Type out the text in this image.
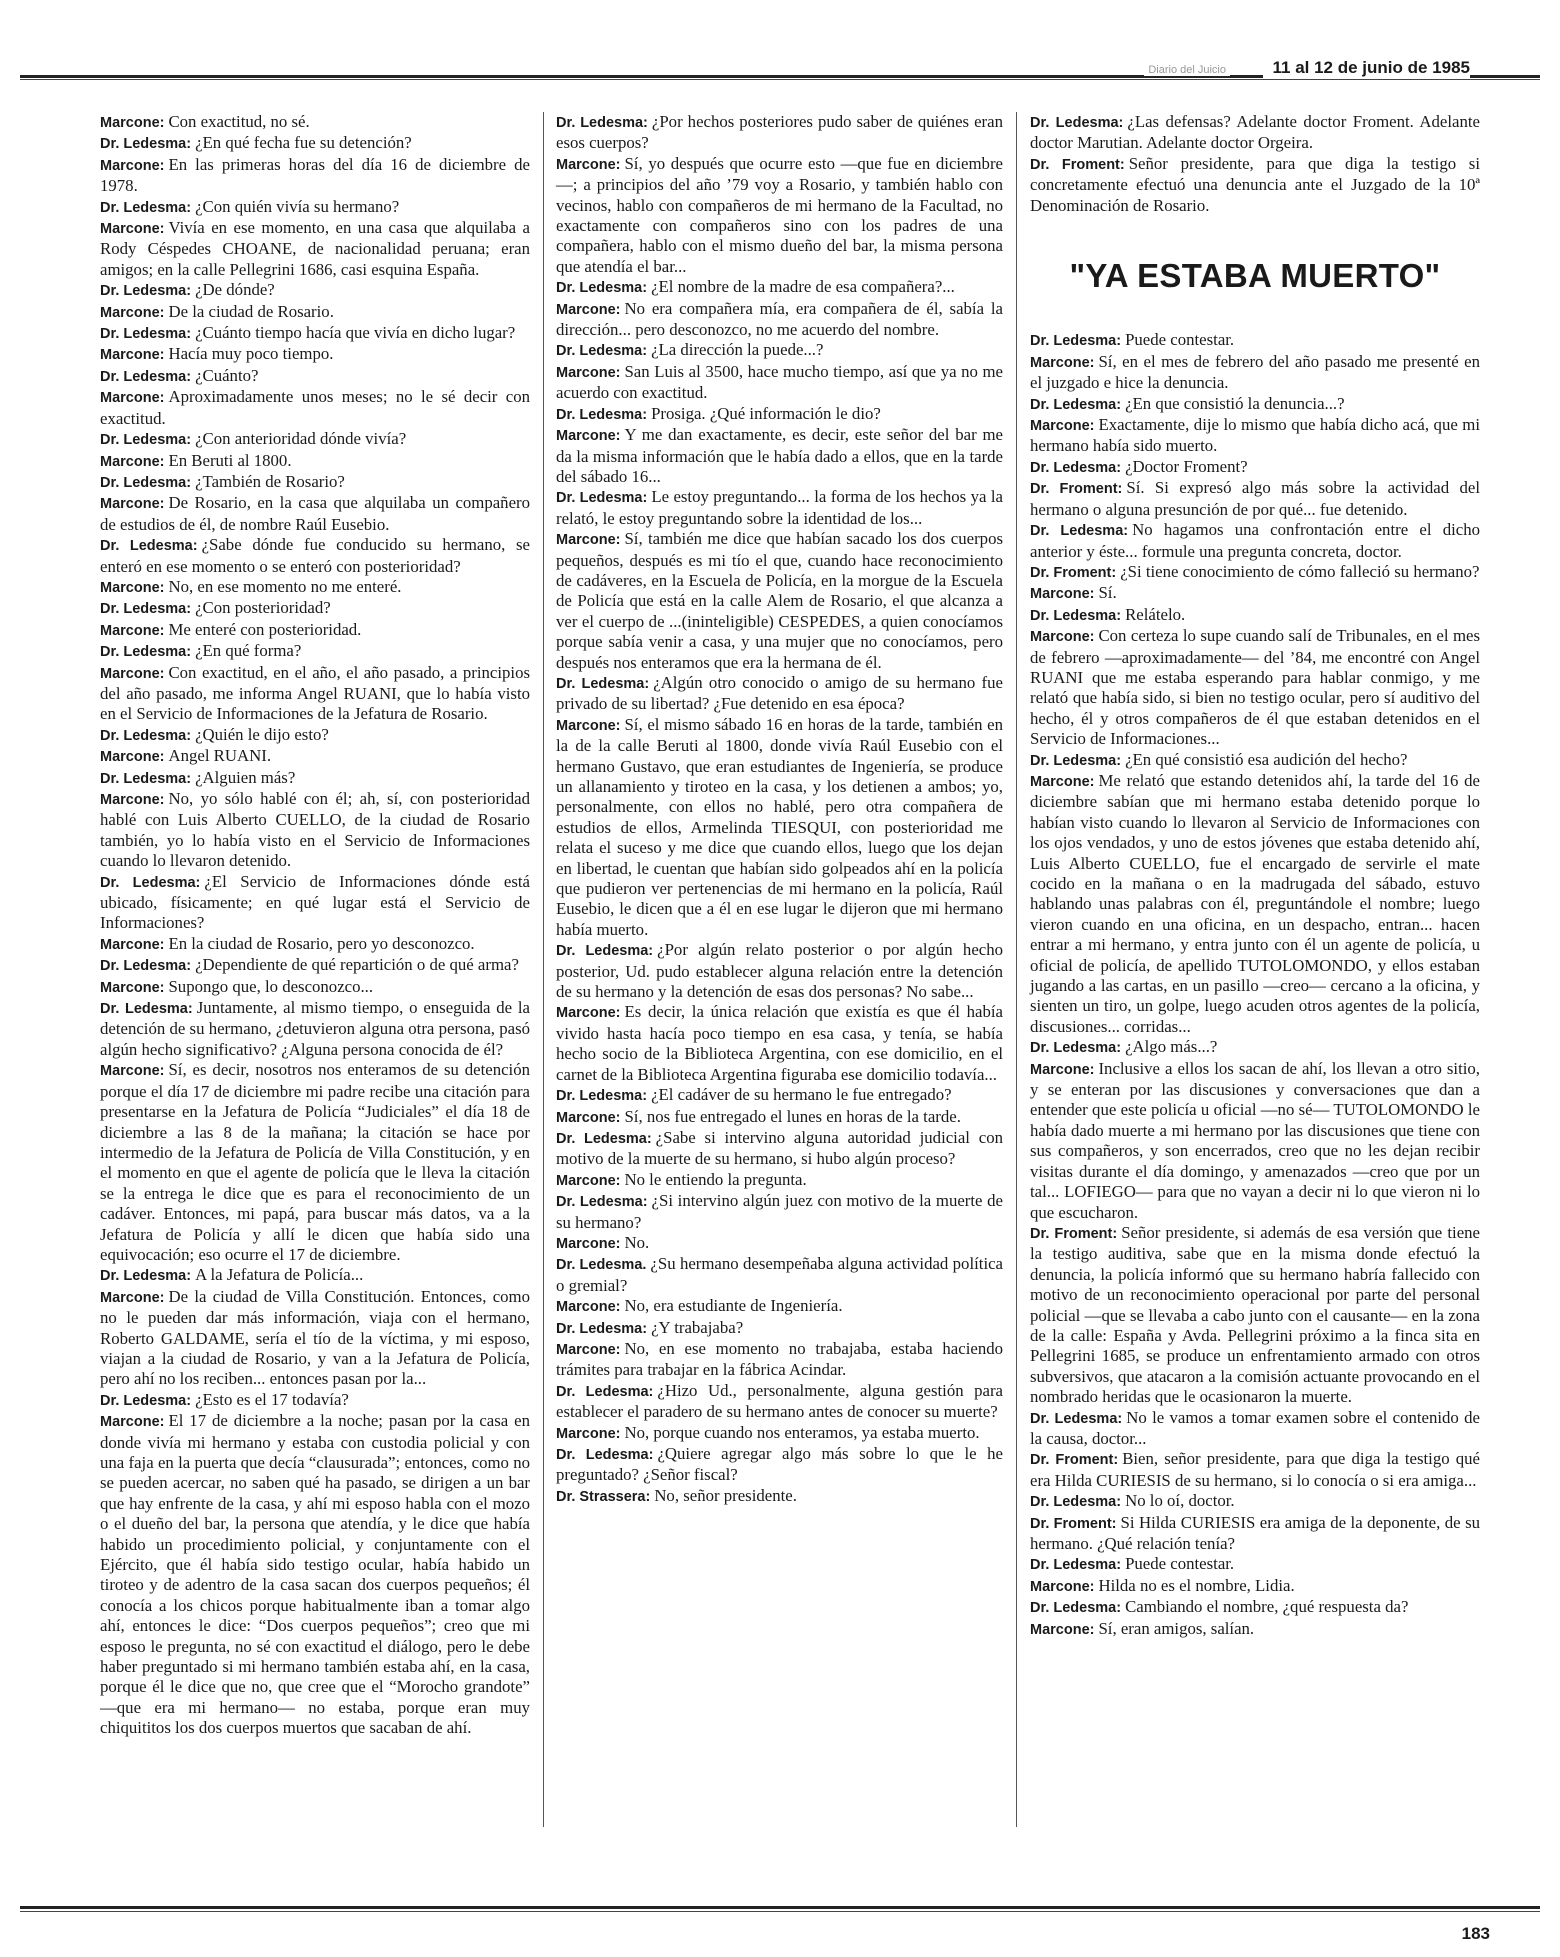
Diario del Juicio	11 al 12 de junio de 1985

Marcone: Con exactitud, no sé.

Dr. Ledesma: ¿En qué fecha fue su detención?

Marcone: En las primeras horas del día 16 de diciembre de 1978.

Dr. Ledesma: ¿Con quién vivía su hermano?

Marcone: Vivía en ese momento, en una casa que alquilaba a Rody Céspedes CHOANE, de nacionalidad peruana; eran amigos; en la calle Pellegrini 1686, casi esquina España.

Dr. Ledesma: ¿De dónde?

Marcone: De la ciudad de Rosario.

Dr. Ledesma: ¿Cuánto tiempo hacía que vivía en dicho lugar?

Marcone: Hacía muy poco tiempo.

Dr. Ledesma: ¿Cuánto?

Marcone: Aproximadamente unos meses; no le sé decir con exactitud.

Dr. Ledesma: ¿Con anterioridad dónde vivía?

Marcone: En Beruti al 1800.

Dr. Ledesma: ¿También de Rosario?

Marcone: De Rosario, en la casa que alquilaba un compañero de estudios de él, de nombre Raúl Eusebio.

Dr. Ledesma: ¿Sabe dónde fue conducido su hermano, se enteró en ese momento o se enteró con posterioridad?

Marcone: No, en ese momento no me enteré.

Dr. Ledesma: ¿Con posterioridad?

Marcone: Me enteré con posterioridad.

Dr. Ledesma: ¿En qué forma?

Marcone: Con exactitud, en el año, el año pasado, a principios del año pasado, me informa Angel RUANI, que lo había visto en el Servicio de Informaciones de la Jefatura de Rosario.

Dr. Ledesma: ¿Quién le dijo esto?

Marcone: Angel RUANI.

Dr. Ledesma: ¿Alguien más?

Marcone: No, yo sólo hablé con él; ah, sí, con posterioridad hablé con Luis Alberto CUELLO, de la ciudad de Rosario también, yo lo había visto en el Servicio de Informaciones cuando lo llevaron detenido.

Dr. Ledesma: ¿El Servicio de Informaciones dónde está ubicado, físicamente; en qué lugar está el Servicio de Informaciones?

Marcone: En la ciudad de Rosario, pero yo desconozco.

Dr. Ledesma: ¿Dependiente de qué repartición o de qué arma?

Marcone: Supongo que, lo desconozco...

Dr. Ledesma: Juntamente, al mismo tiempo, o enseguida de la detención de su hermano, ¿detuvieron alguna otra persona, pasó algún hecho significativo? ¿Alguna persona conocida de él?

Marcone: Sí, es decir, nosotros nos enteramos de su detención porque el día 17 de diciembre mi padre recibe una citación para presentarse en la Jefatura de Policía “Judiciales” el día 18 de diciembre a las 8 de la mañana; la citación se hace por intermedio de la Jefatura de Policía de Villa Constitución, y en el momento en que el agente de policía que le lleva la citación se la entrega le dice que es para el reconocimiento de un cadáver. Entonces, mi papá, para buscar más datos, va a la Jefatura de Policía y allí le dicen que había sido una equivocación; eso ocurre el 17 de diciembre.

Dr. Ledesma: A la Jefatura de Policía...

Marcone: De la ciudad de Villa Constitución. Entonces, como no le pueden dar más información, viaja con el hermano, Roberto GALDAME, sería el tío de la víctima, y mi esposo, viajan a la ciudad de Rosario, y van a la Jefatura de Policía, pero ahí no los reciben... entonces pasan por la...

Dr. Ledesma: ¿Esto es el 17 todavía?

Marcone: El 17 de diciembre a la noche; pasan por la casa en donde vivía mi hermano y estaba con custodia policial y con una faja en la puerta que decía “clausurada”; entonces, como no se pueden acercar, no saben qué ha pasado, se dirigen a un bar que hay enfrente de la casa, y ahí mi esposo habla con el mozo o el dueño del bar, la persona que atendía, y le dice que había habido un procedimiento policial, y conjuntamente con el Ejército, que él había sido testigo ocular, había habido un tiroteo y de adentro de la casa sacan dos cuerpos pequeños; él conocía a los chicos porque habitualmente iban a tomar algo ahí, entonces le dice: “Dos cuerpos pequeños”; creo que mi esposo le pregunta, no sé con exactitud el diálogo, pero le debe haber preguntado si mi hermano también estaba ahí, en la casa, porque él le dice que no, que cree que el “Morocho grandote” —que era mi hermano— no estaba, porque eran muy chiquititos los dos cuerpos muertos que sacaban de ahí.

Dr. Ledesma: ¿Por hechos posteriores pudo saber de quiénes eran esos cuerpos?

Marcone: Sí, yo después que ocurre esto —que fue en diciembre—; a principios del año ’79 voy a Rosario, y también hablo con vecinos, hablo con compañeros de mi hermano de la Facultad, no exactamente con compañeros sino con los padres de una compañera, hablo con el mismo dueño del bar, la misma persona que atendía el bar...

Dr. Ledesma: ¿El nombre de la madre de esa compañera?...

Marcone: No era compañera mía, era compañera de él, sabía la dirección... pero desconozco, no me acuerdo del nombre.

Dr. Ledesma: ¿La dirección la puede...?

Marcone: San Luis al 3500, hace mucho tiempo, así que ya no me acuerdo con exactitud.

Dr. Ledesma: Prosiga. ¿Qué información le dio?

Marcone: Y me dan exactamente, es decir, este señor del bar me da la misma información que le había dado a ellos, que en la tarde del sábado 16...

Dr. Ledesma: Le estoy preguntando... la forma de los hechos ya la relató, le estoy preguntando sobre la identidad de los...

Marcone: Sí, también me dice que habían sacado los dos cuerpos pequeños, después es mi tío el que, cuando hace reconocimiento de cadáveres, en la Escuela de Policía, en la morgue de la Escuela de Policía que está en la calle Alem de Rosario, el que alcanza a ver el cuerpo de ...(ininteligible) CESPEDES, a quien conocíamos porque sabía venir a casa, y una mujer que no conocíamos, pero después nos enteramos que era la hermana de él.

Dr. Ledesma: ¿Algún otro conocido o amigo de su hermano fue privado de su libertad? ¿Fue detenido en esa época?

Marcone: Sí, el mismo sábado 16 en horas de la tarde, también en la de la calle Beruti al 1800, donde vivía Raúl Eusebio con el hermano Gustavo, que eran estudiantes de Ingeniería, se produce un allanamiento y tiroteo en la casa, y los detienen a ambos; yo, personalmente, con ellos no hablé, pero otra compañera de estudios de ellos, Armelinda TIESQUI, con posterioridad me relata el suceso y me dice que cuando ellos, luego que los dejan en libertad, le cuentan que habían sido golpeados ahí en la policía que pudieron ver pertenencias de mi hermano en la policía, Raúl Eusebio, le dicen que a él en ese lugar le dijeron que mi hermano había muerto.

Dr. Ledesma: ¿Por algún relato posterior o por algún hecho posterior, Ud. pudo establecer alguna relación entre la detención de su hermano y la detención de esas dos personas? No sabe...

Marcone: Es decir, la única relación que existía es que él había vivido hasta hacía poco tiempo en esa casa, y tenía, se había hecho socio de la Biblioteca Argentina, con ese domicilio, en el carnet de la Biblioteca Argentina figuraba ese domicilio todavía...

Dr. Ledesma: ¿El cadáver de su hermano le fue entregado?

Marcone: Sí, nos fue entregado el lunes en horas de la tarde.

Dr. Ledesma: ¿Sabe si intervino alguna autoridad judicial con motivo de la muerte de su hermano, si hubo algún proceso?

Marcone: No le entiendo la pregunta.

Dr. Ledesma: ¿Si intervino algún juez con motivo de la muerte de su hermano?

Marcone: No.

Dr. Ledesma. ¿Su hermano desempeñaba alguna actividad política o gremial?

Marcone: No, era estudiante de Ingeniería.

Dr. Ledesma: ¿Y trabajaba?

Marcone: No, en ese momento no trabajaba, estaba haciendo trámites para trabajar en la fábrica Acindar.

Dr. Ledesma: ¿Hizo Ud., personalmente, alguna gestión para establecer el paradero de su hermano antes de conocer su muerte?

Marcone: No, porque cuando nos enteramos, ya estaba muerto.

Dr. Ledesma: ¿Quiere agregar algo más sobre lo que le he preguntado? ¿Señor fiscal?

Dr. Strassera: No, señor presidente.

Dr. Ledesma: ¿Las defensas? Adelante doctor Froment. Adelante doctor Marutian. Adelante doctor Orgeira.

Dr. Froment: Señor presidente, para que diga la testigo si concretamente efectuó una denuncia ante el Juzgado de la 10ª Denominación de Rosario.

"YA ESTABA MUERTO"

Dr. Ledesma: Puede contestar.

Marcone: Sí, en el mes de febrero del año pasado me presenté en el juzgado e hice la denuncia.

Dr. Ledesma: ¿En que consistió la denuncia...?

Marcone: Exactamente, dije lo mismo que había dicho acá, que mi hermano había sido muerto.

Dr. Ledesma: ¿Doctor Froment?

Dr. Froment: Sí. Si expresó algo más sobre la actividad del hermano o alguna presunción de por qué... fue detenido.

Dr. Ledesma: No hagamos una confrontación entre el dicho anterior y éste... formule una pregunta concreta, doctor.

Dr. Froment: ¿Si tiene conocimiento de cómo falleció su hermano?

Marcone: Sí.

Dr. Ledesma: Relátelo.

Marcone: Con certeza lo supe cuando salí de Tribunales, en el mes de febrero —aproximadamente— del ’84, me encontré con Angel RUANI que me estaba esperando para hablar conmigo, y me relató que había sido, si bien no testigo ocular, pero sí auditivo del hecho, él y otros compañeros de él que estaban detenidos en el Servicio de Informaciones...

Dr. Ledesma: ¿En qué consistió esa audición del hecho?

Marcone: Me relató que estando detenidos ahí, la tarde del 16 de diciembre sabían que mi hermano estaba detenido porque lo habían visto cuando lo llevaron al Servicio de Informaciones con los ojos vendados, y uno de estos jóvenes que estaba detenido ahí, Luis Alberto CUELLO, fue el encargado de servirle el mate cocido en la mañana o en la madrugada del sábado, estuvo hablando unas palabras con él, preguntándole el nombre; luego vieron cuando en una oficina, en un despacho, entran... hacen entrar a mi hermano, y entra junto con él un agente de policía, u oficial de policía, de apellido TUTOLOMONDO, y ellos estaban jugando a las cartas, en un pasillo —creo— cercano a la oficina, y sienten un tiro, un golpe, luego acuden otros agentes de la policía, discusiones... corridas...

Dr. Ledesma: ¿Algo más...?

Marcone: Inclusive a ellos los sacan de ahí, los llevan a otro sitio, y se enteran por las discusiones y conversaciones que dan a entender que este policía u oficial —no sé— TUTOLOMONDO le había dado muerte a mi hermano por las discusiones que tiene con sus compañeros, y son encerrados, creo que no les dejan recibir visitas durante el día domingo, y amenazados —creo que por un tal... LOFIEGO— para que no vayan a decir ni lo que vieron ni lo que escucharon.

Dr. Froment: Señor presidente, si además de esa versión que tiene la testigo auditiva, sabe que en la misma donde efectuó la denuncia, la policía informó que su hermano habría fallecido con motivo de un reconocimiento operacional por parte del personal policial —que se llevaba a cabo junto con el causante— en la zona de la calle: España y Avda. Pellegrini próximo a la finca sita en Pellegrini 1685, se produce un enfrentamiento armado con otros subversivos, que atacaron a la comisión actuante provocando en el nombrado heridas que le ocasionaron la muerte.

Dr. Ledesma: No le vamos a tomar examen sobre el contenido de la causa, doctor...

Dr. Froment: Bien, señor presidente, para que diga la testigo qué era Hilda CURIESIS de su hermano, si lo conocía o si era amiga...

Dr. Ledesma: No lo oí, doctor.

Dr. Froment: Si Hilda CURIESIS era amiga de la deponente, de su hermano. ¿Qué relación tenía?

Dr. Ledesma: Puede contestar.

Marcone: Hilda no es el nombre, Lidia.

Dr. Ledesma: Cambiando el nombre, ¿qué respuesta da?

Marcone: Sí, eran amigos, salían.

183
